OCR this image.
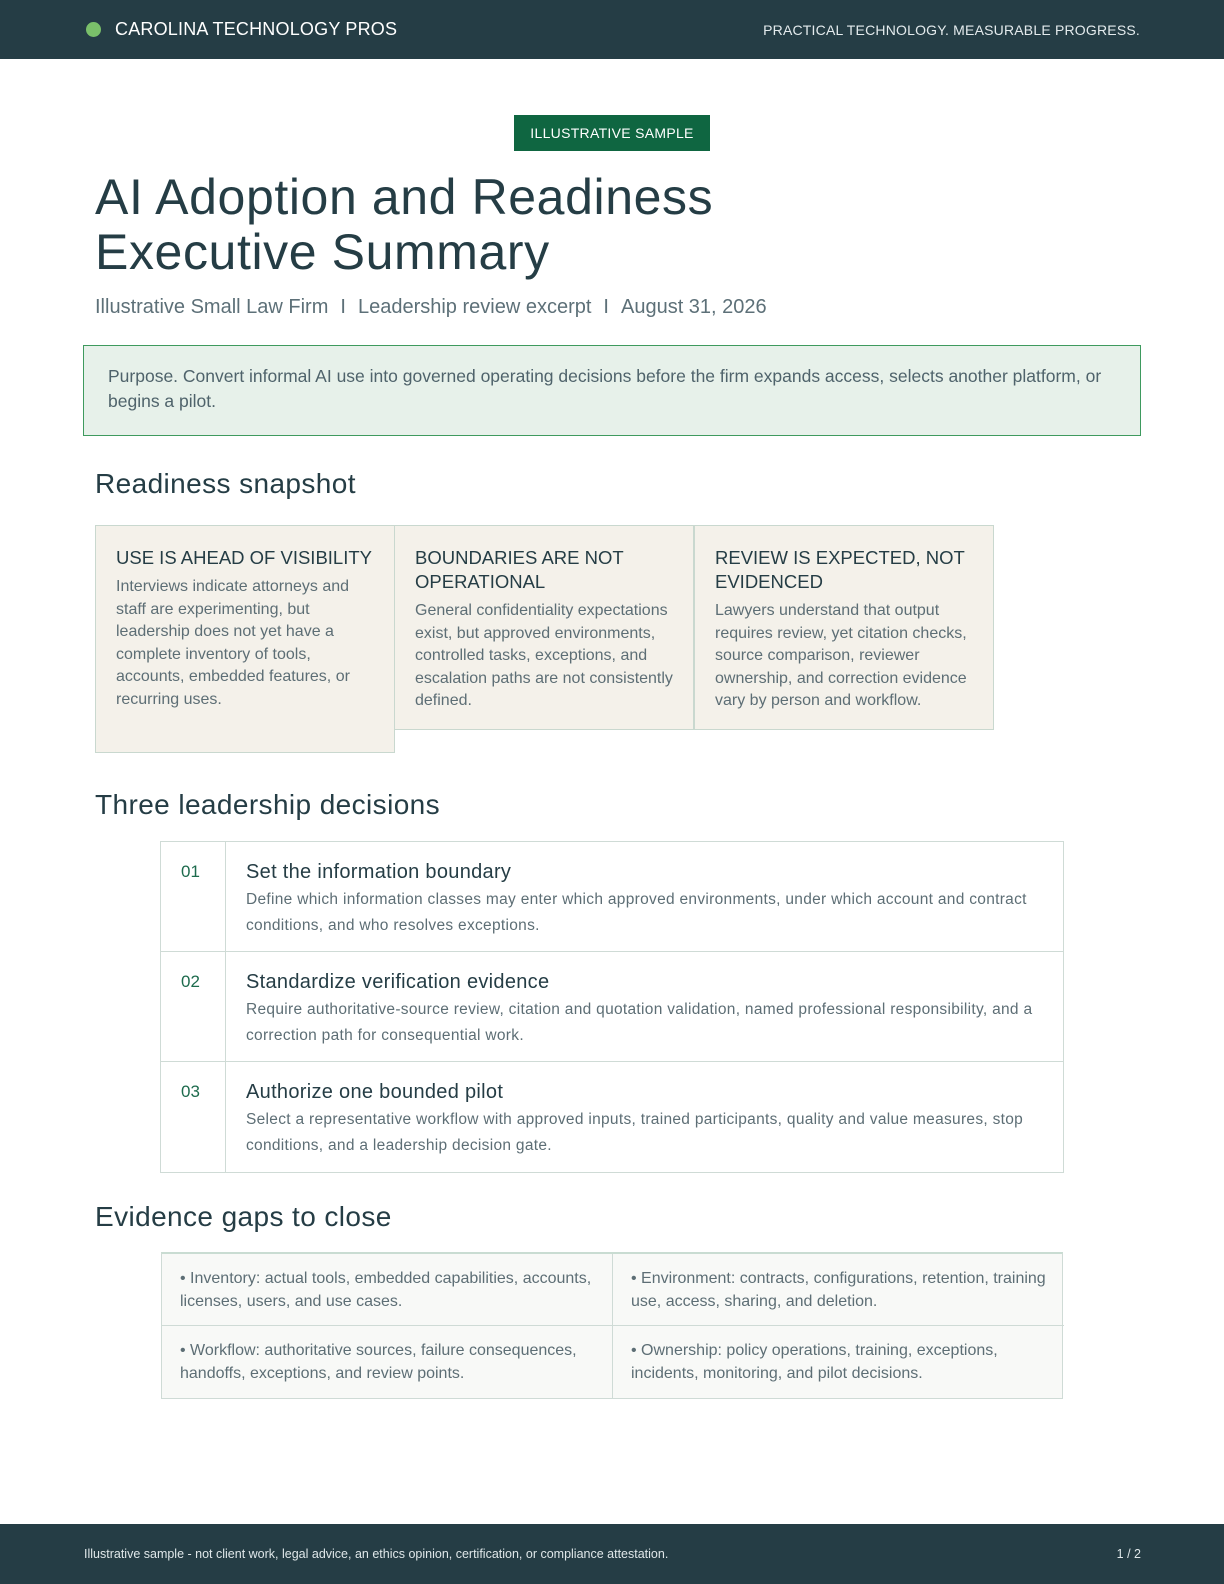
CAROLINA TECHNOLOGY PROS	PRACTICAL TECHNOLOGY. MEASURABLE PROGRESS.
ILLUSTRATIVE SAMPLE
AI Adoption and Readiness
Executive Summary
Illustrative Small Law Firm I Leadership review excerpt I August 31, 2026
Purpose. Convert informal AI use into governed operating decisions before the firm expands access, selects another platform, or begins a pilot.
Readiness snapshot
USE IS AHEAD OF VISIBILITY

Interviews indicate attorneys and staff are experimenting, but leadership does not yet have a complete inventory of tools, accounts, embedded features, or recurring uses.

BOUNDARIES ARE NOT OPERATIONAL

General confidentiality expectations exist, but approved environments, controlled tasks, exceptions, and escalation paths are not consistently defined.

REVIEW IS EXPECTED, NOT EVIDENCED

Lawyers understand that output requires review, yet citation checks, source comparison, reviewer ownership, and correction evidence vary by person and workflow.

Three leadership decisions
01	Set the information boundary

Define which information classes may enter which approved environments, under which account and contract conditions, and who resolves exceptions.

02	Standardize verification evidence

Require authoritative-source review, citation and quotation validation, named professional responsibility, and a correction path for consequential work.

03	Authorize one bounded pilot

Select a representative workflow with approved inputs, trained participants, quality and value measures, stop conditions, and a leadership decision gate.

Evidence gaps to close
• Inventory: actual tools, embedded capabilities, accounts, licenses, users, and use cases.
• Environment: contracts, configurations, retention, training use, access, sharing, and deletion.
• Workflow: authoritative sources, failure consequences, handoffs, exceptions, and review points.
• Ownership: policy operations, training, exceptions, incidents, monitoring, and pilot decisions.
Illustrative sample - not client work, legal advice, an ethics opinion, certification, or compliance attestation.	1 / 2
